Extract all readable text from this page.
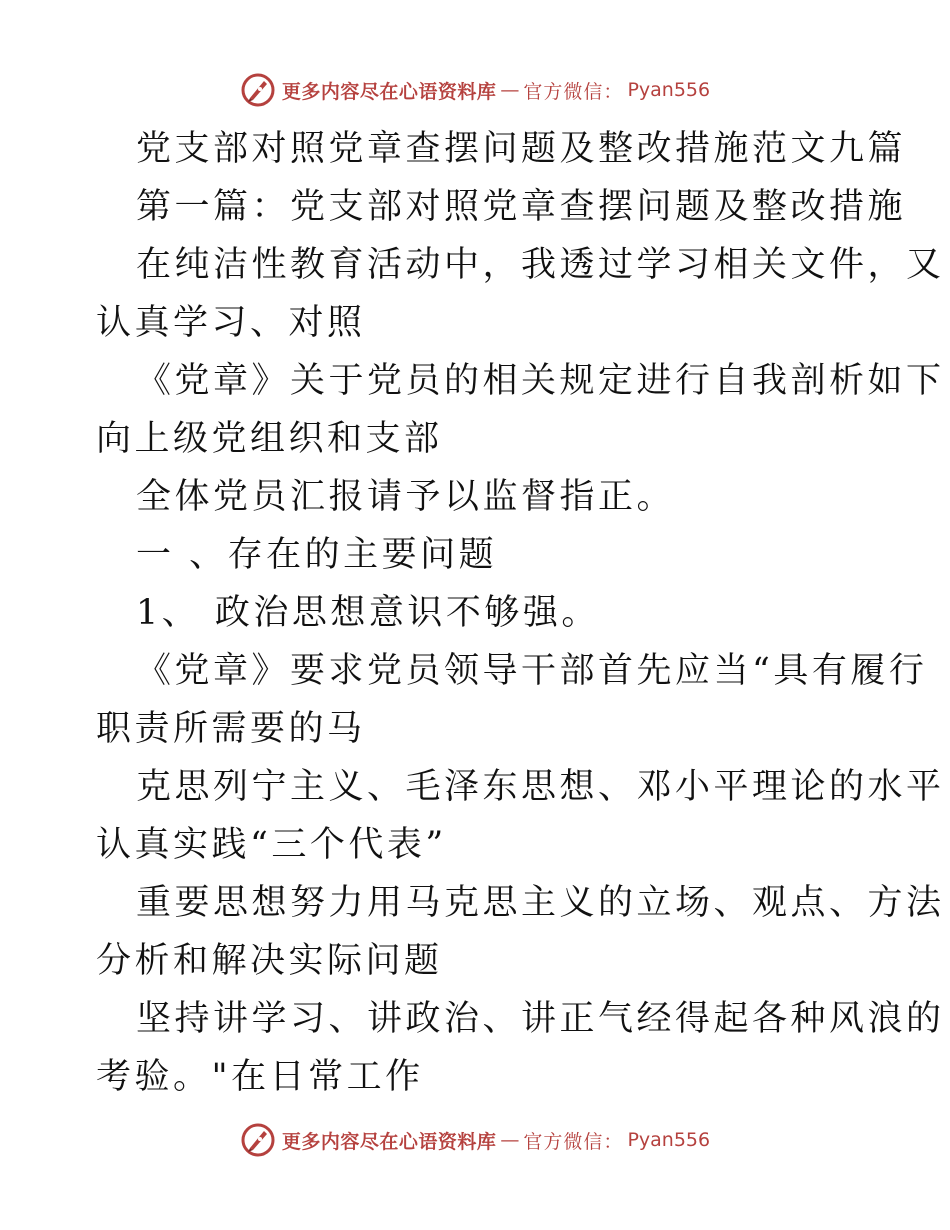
更多内容尽在心语资料库 — 官方微信： Pyan556
党支部对照党章查摆问题及整改措施范文九篇
第一篇：党支部对照党章查摆问题及整改措施
在纯洁性教育活动中，我透过学习相关文件，又
认真学习、对照
《党章》关于党员的相关规定进行自我剖析如下
向上级党组织和支部
全体党员汇报请予以监督指正。
一 、存在的主要问题
1、 政治思想意识不够强。
《党章》要求党员领导干部首先应当“具有履行
职责所需要的马
克思列宁主义、毛泽东思想、邓小平理论的水平
认真实践“三个代表”
重要思想努力用马克思主义的立场、观点、方法
分析和解决实际问题
坚持讲学习、讲政治、讲正气经得起各种风浪的
考验。"在日常工作
更多内容尽在心语资料库 — 官方微信： Pyan556
